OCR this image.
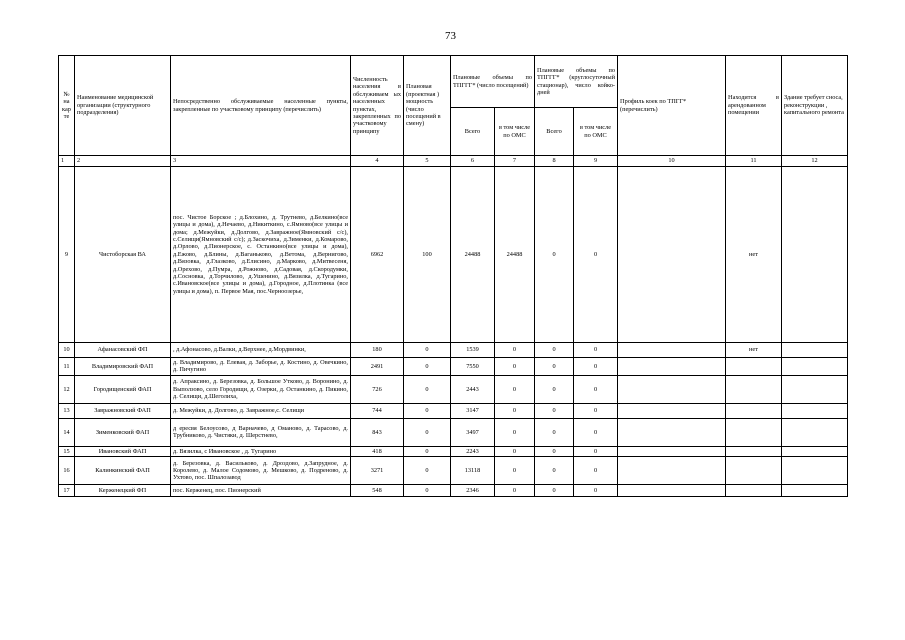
73
№ на кар те	Наименование медицинской организации (структурного подразделения)	Непосредственно обслуживаемые населенные пункты, закрепленные по участковому принципу (перечислить)	Численность населения в обслуживаем ых населенных пунктах, закрепленных по участковому принципу	Плановая (проектная ) мощность (число посещений в смену)	Плановые объемы по ТПГГГ* (число посещений)		Плановые объемы по ТПГГГ* (круглосуточный стационар), число койко-дней		Профиль коек по ТПГГ* (перечислить)	Находится в арендованном помещении	Здание требует сноса, реконструкции , капитального ремонта
					Всего	в том числе по ОМС	Всего	в том числе по ОМС			
1	2	3	4	5	6	7	8	9	10	11	12
9	Чистоборская ВА	пос. Чистое Борское ; д.Блохино, д. Трутнево, д.Белкино(все улицы и дома), д.Нечаево, д.Никиткино, с.Ямново(все улицы и дома; д.Межуйки, д.Долгово, д.Завражное(Ямновский с/с), с.Селищи(Ямновский с/с); д.Заскочиха, д.Зименки, д.Комарово, д.Орлово, д.Пионерское, с. Останкино(все улицы и дома), д.Ежово, д.Блины, д.Ваганьково, д.Ветома, д.Вернигово, д.Вязовка, д.Глазково, д.Елисино, д.Марково, д.Митвесеня, д.Орехово, д.Пумра, д.Рожново, д.Садовая, д.Скородумки, д.Сосновка, д.Торчилово, д.Ушенино, д.Вязилка, д.Тугарино, с.Ивановское(все улицы и дома), д.Городное, д.Плотинка (все улицы и дома), п. Первое Мая, пос.Черноозерье,	6962	100	24488	24488	0	0		нет	
10	Афанасовский ФП	, д.Афонасово, д.Валки, д.Верхнее, д.Мордвинки,	180	0	1539	0	0	0		нет	
11	Владимировский ФАП	д. Владимирово, д. Елевая, д. Заборье, д. Костино, д. Овечкино, д. Пичугино	2491	0	7550	0	0	0			
12	Городищенский ФАП	д. Апраксино, д. Березовка, д. Большое Утково, д. Воронино, д. Выползово, село Городищи, д. Озерки, д. Останкино, д. Пикино, д. Селищи, д.Шеголиха,	726	0	2443	0	0	0			
13	Завражновский ФАП	д. Межуйки, д. Долгово, д. Завражное,с. Селищи	744	0	3147	0	0	0			
14	Зименковский ФАП	д ересвя Белоусово, д Варначево, д Оманово, д. Тарасово, д. Трубниково, д. Чистяки, д. Шерстнево,	843	0	3497	0	0	0			
15	Ивановский ФАП	д. Вязилка, с Ивановское , д. Тугарино	418	0	2243	0	0	0			
16	Калинкинский ФАП	д. Березовка, д. Васильково, д. Дроздово, д.Запрудное, д. Королево, д. Малое Содомово, д. Мешково, д. Подреново, д. Ухтово, пос. Шпалозавод	3271	0	13118	0	0	0			
17	Керженецкий ФП	пос. Керженец, пос. Пионерский	548	0	2346	0	0	0			
